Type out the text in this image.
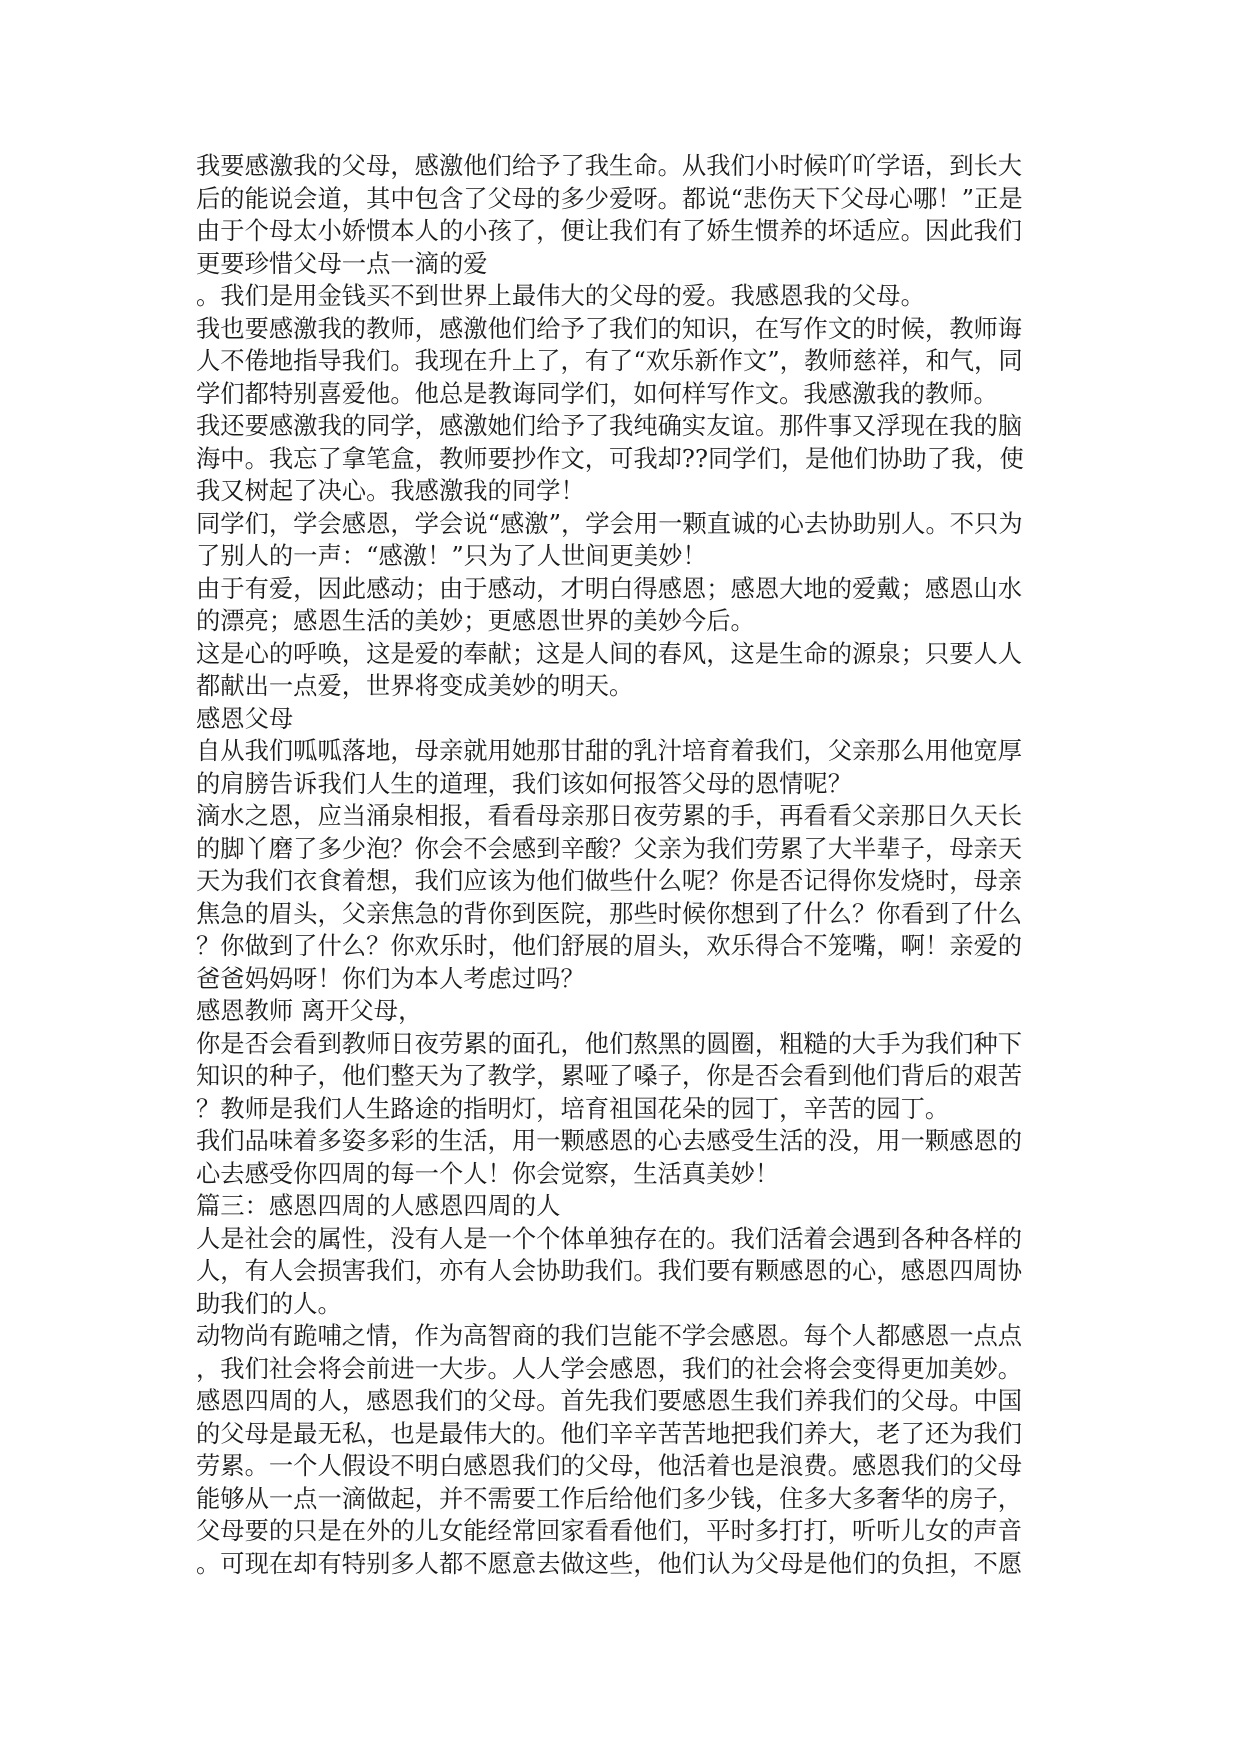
我要感激我的父母，感激他们给予了我生命。从我们小时候吖吖学语，到长大后的能说会道，其中包含了父母的多少爱呀。都说“悲伤天下父母心哪！”正是由于个母太小娇惯本人的小孩了，便让我们有了娇生惯养的坏适应。因此我们更要珍惜父母一点一滴的爱

。我们是用金钱买不到世界上最伟大的父母的爱。我感恩我的父母。

我也要感激我的教师，感激他们给予了我们的知识，在写作文的时候，教师诲人不倦地指导我们。我现在升上了，有了“欢乐新作文”，教师慈祥，和气，同学们都特别喜爱他。他总是教诲同学们，如何样写作文。我感激我的教师。

我还要感激我的同学，感激她们给予了我纯确实友谊。那件事又浮现在我的脑海中。我忘了拿笔盒，教师要抄作文，可我却??同学们，是他们协助了我，使我又树起了决心。我感激我的同学！

同学们，学会感恩，学会说“感激”，学会用一颗直诚的心去协助别人。不只为了别人的一声：“感激！”只为了人世间更美妙！

由于有爱，因此感动；由于感动，才明白得感恩；感恩大地的爱戴；感恩山水的漂亮；感恩生活的美妙；更感恩世界的美妙今后。

这是心的呼唤，这是爱的奉献；这是人间的春风，这是生命的源泉；只要人人都献出一点爱，世界将变成美妙的明天。

感恩父母

自从我们呱呱落地，母亲就用她那甘甜的乳汁培育着我们，父亲那么用他宽厚的肩膀告诉我们人生的道理，我们该如何报答父母的恩情呢？

滴水之恩，应当涌泉相报，看看母亲那日夜劳累的手，再看看父亲那日久天长的脚丫磨了多少泡？你会不会感到辛酸？父亲为我们劳累了大半辈子，母亲天天为我们衣食着想，我们应该为他们做些什么呢？你是否记得你发烧时，母亲焦急的眉头，父亲焦急的背你到医院，那些时候你想到了什么？你看到了什么？你做到了什么？你欢乐时，他们舒展的眉头，欢乐得合不笼嘴，啊！亲爱的爸爸妈妈呀！你们为本人考虑过吗？

感恩教师 离开父母，

你是否会看到教师日夜劳累的面孔，他们熬黑的圆圈，粗糙的大手为我们种下知识的种子，他们整天为了教学，累哑了嗓子，你是否会看到他们背后的艰苦？教师是我们人生路途的指明灯，培育祖国花朵的园丁，辛苦的园丁。

我们品味着多姿多彩的生活，用一颗感恩的心去感受生活的没，用一颗感恩的心去感受你四周的每一个人！你会觉察，生活真美妙！

篇三：感恩四周的人感恩四周的人

人是社会的属性，没有人是一个个体单独存在的。我们活着会遇到各种各样的人，有人会损害我们，亦有人会协助我们。我们要有颗感恩的心，感恩四周协助我们的人。

动物尚有跪哺之情，作为高智商的我们岂能不学会感恩。每个人都感恩一点点，我们社会将会前进一大步。人人学会感恩，我们的社会将会变得更加美妙。

感恩四周的人，感恩我们的父母。首先我们要感恩生我们养我们的父母。中国的父母是最无私，也是最伟大的。他们辛辛苦苦地把我们养大，老了还为我们劳累。一个人假设不明白感恩我们的父母，他活着也是浪费。感恩我们的父母能够从一点一滴做起，并不需要工作后给他们多少钱，住多大多奢华的房子，父母要的只是在外的儿女能经常回家看看他们，平时多打打，听听儿女的声音。可现在却有特别多人都不愿意去做这些，他们认为父母是他们的负担，不愿
